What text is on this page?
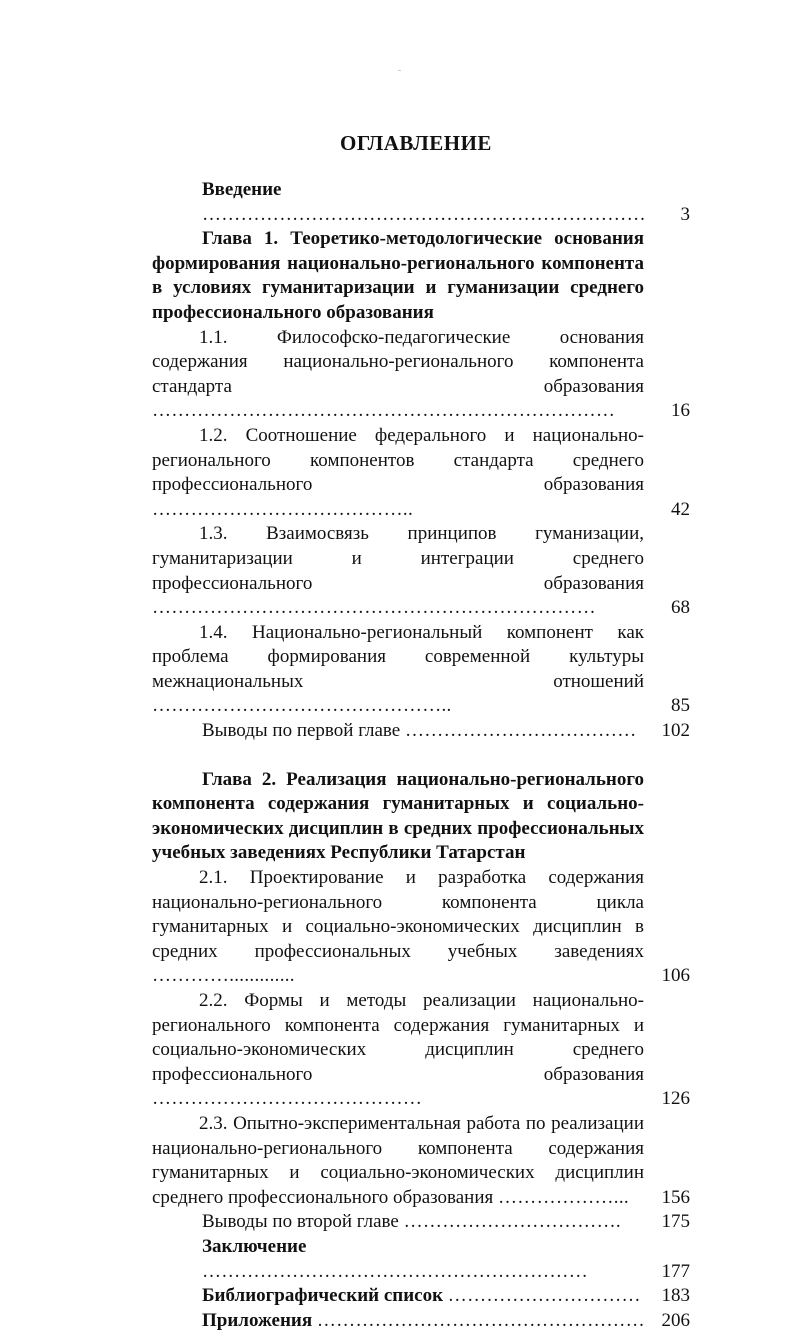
ОГЛАВЛЕНИЕ
Введение ……………………………………………………………	3
Глава 1. Теоретико-методологические основания формирования национально-регионального компонента в условиях гуманитаризации и гуманизации среднего профессионального образования
1.1. Философско-педагогические основания содержания национально-регионального компонента стандарта образования ………………………………………………………………	16
1.2. Соотношение федерального и национально-регионального компонентов стандарта среднего профессионального образования …………………………………..	42
1.3. Взаимосвязь принципов гуманизации, гуманитаризации и интеграции среднего профессионального образования ……………………………………………………………	68
1.4. Национально-региональный компонент как проблема формирования современной культуры межнациональных отношений ………………………………………..	85
Выводы по первой главе ………………………………	102
Глава 2. Реализация национально-регионального компонента содержания гуманитарных и социально-экономических дисциплин в средних профессиональных учебных заведениях Республики Татарстан
2.1. Проектирование и разработка содержания национально-регионального компонента цикла гуманитарных и социально-экономических дисциплин в средних профессиональных учебных заведениях ………….............	106
2.2. Формы и методы реализации национально-регионального компонента содержания гуманитарных и социально-экономических дисциплин среднего профессионального образования ……………………………………	126
2.3. Опытно-экспериментальная работа по реализации национально-регионального компонента содержания гуманитарных и социально-экономических дисциплин среднего профессионального образования ………………...	156
Выводы по второй главе …………………………….	175
Заключение ……………………………………………………	177
Библиографический список …………………………	183
Приложения …………………………………………… 206
